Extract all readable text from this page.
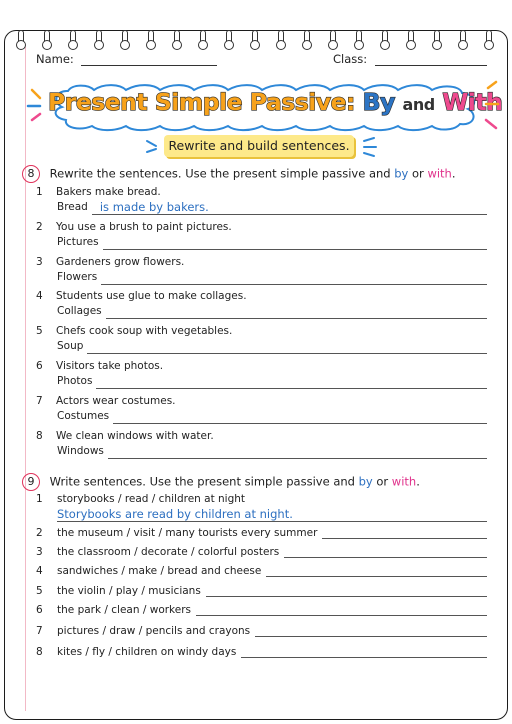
Name:	Class:
Present Simple Passive: By and With
Rewrite and build sentences.
8 Rewrite the sentences. Use the present simple passive and by or with.
1 Bakers make bread.
Bread is made by bakers.
2 You use a brush to paint pictures.
Pictures
3 Gardeners grow flowers.
Flowers
4 Students use glue to make collages.
Collages
5 Chefs cook soup with vegetables.
Soup
6 Visitors take photos.
Photos
7 Actors wear costumes.
Costumes
8 We clean windows with water.
Windows
9 Write sentences. Use the present simple passive and by or with.
1 storybooks / read / children at night
2 the museum / visit / many tourists every summer
3 the classroom / decorate / colorful posters
4 sandwiches / make / bread and cheese
5 the violin / play / musicians
6 the park / clean / workers
7 pictures / draw / pencils and crayons
8 kites / fly / children on windy days
Storybooks are read by children at night.
